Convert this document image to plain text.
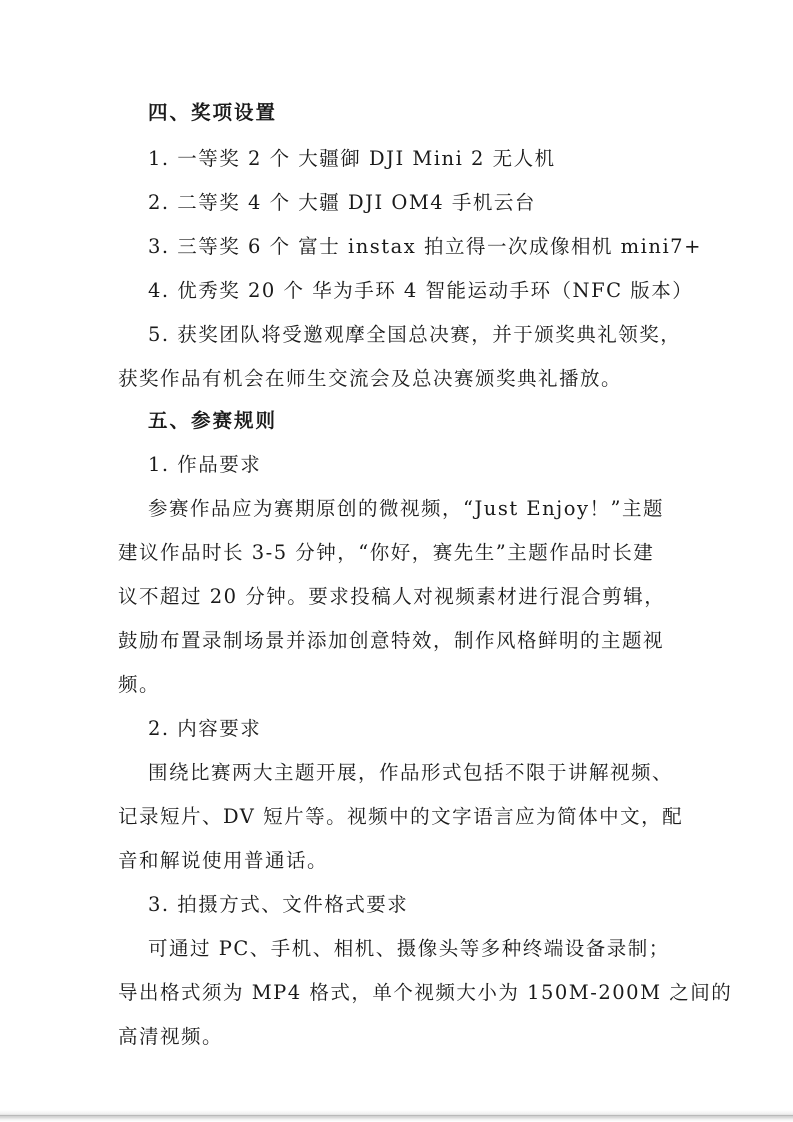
四、奖项设置
1. 一等奖 2 个 大疆御 DJI Mini 2 无人机
2. 二等奖 4 个 大疆 DJI OM4 手机云台
3. 三等奖 6 个 富士 instax 拍立得一次成像相机 mini7+
4. 优秀奖 20 个 华为手环 4 智能运动手环（NFC 版本）
5. 获奖团队将受邀观摩全国总决赛，并于颁奖典礼领奖，
获奖作品有机会在师生交流会及总决赛颁奖典礼播放。
五、参赛规则
1. 作品要求
参赛作品应为赛期原创的微视频，“Just Enjoy！”主题
建议作品时长 3-5 分钟，“你好，赛先生”主题作品时长建
议不超过 20 分钟。要求投稿人对视频素材进行混合剪辑，
鼓励布置录制场景并添加创意特效，制作风格鲜明的主题视
频。
2. 内容要求
围绕比赛两大主题开展，作品形式包括不限于讲解视频、
记录短片、DV 短片等。视频中的文字语言应为简体中文，配
音和解说使用普通话。
3. 拍摄方式、文件格式要求
可通过 PC、手机、相机、摄像头等多种终端设备录制；
导出格式须为 MP4 格式，单个视频大小为 150M-200M 之间的
高清视频。
